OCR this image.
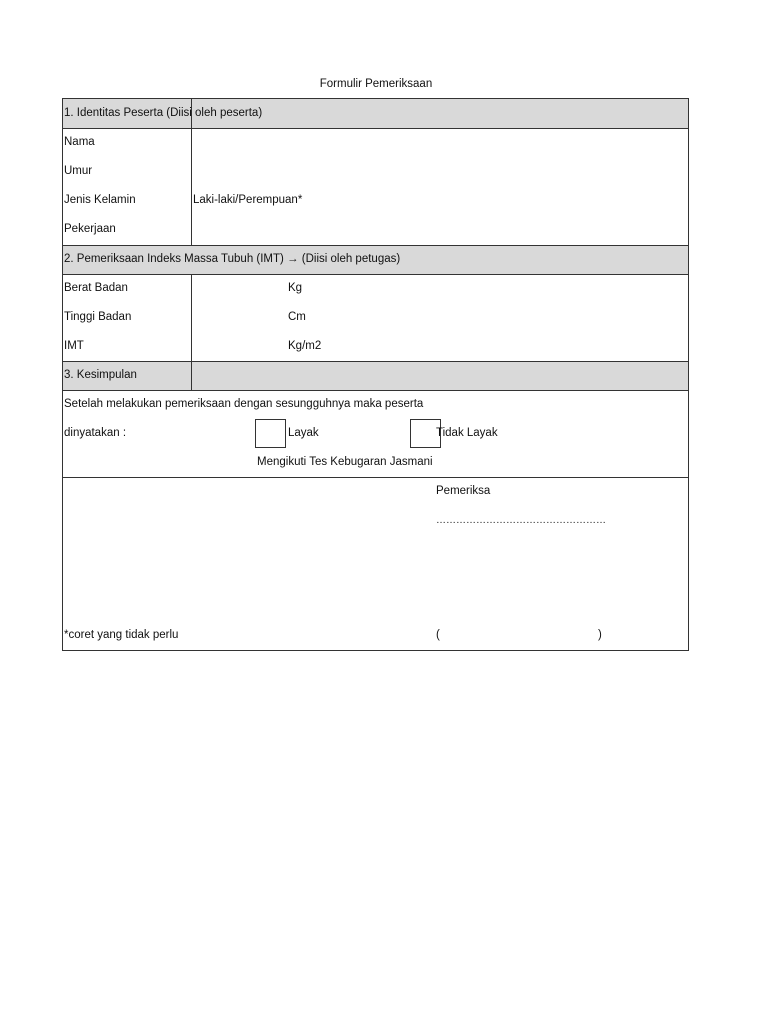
Formulir Pemeriksaan
1. Identitas Peserta (Diisi oleh peserta)
Nama
Umur
Jenis Kelamin	Laki-laki/Perempuan*
Pekerjaan
2. Pemeriksaan Indeks Massa Tubuh (IMT) → (Diisi oleh petugas)
Berat Badan	Kg
Tinggi Badan	Cm
IMT	Kg/m2
3. Kesimpulan
Setelah melakukan pemeriksaan dengan sesungguhnya maka peserta
dinyatakan :	Layak	Tidak Layak
Mengikuti Tes Kebugaran Jasmani
Pemeriksa
……………………………………………
*coret yang tidak perlu	(	)
